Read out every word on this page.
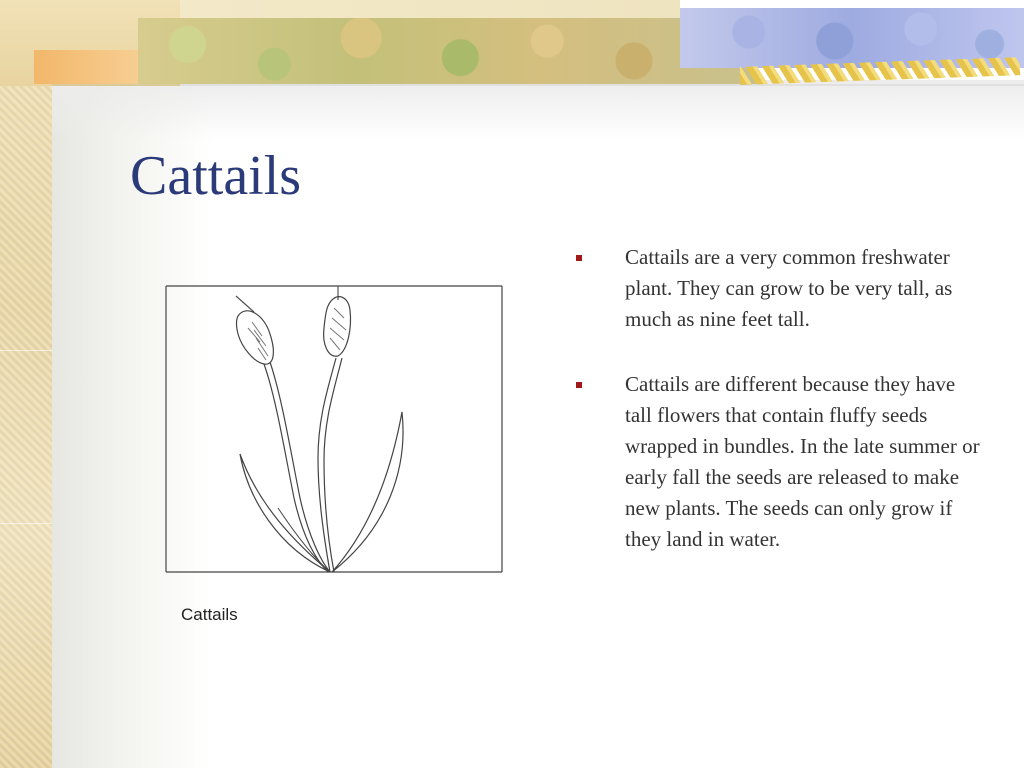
Cattails
Cattails
Cattails are a very common freshwater plant. They can grow to be very tall, as much as nine feet tall.
Cattails are different because they have tall flowers that contain fluffy seeds wrapped in bundles. In the late summer or early fall the seeds are released to make new plants. The seeds can only grow if they land in water.
